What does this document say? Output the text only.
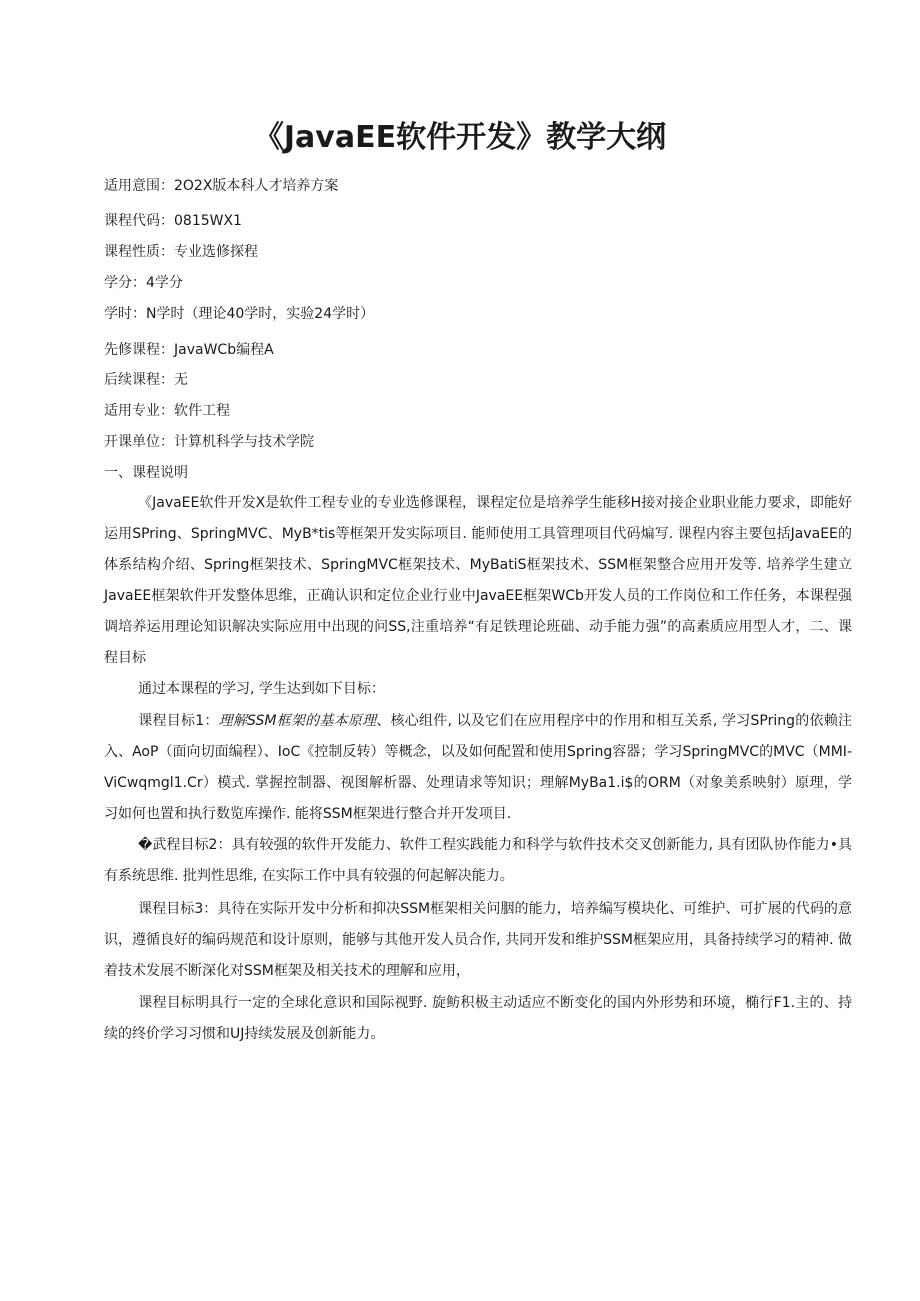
《JavaEE软件开发》教学大纲
适用意围：2O2X版本科人才培养方案
课程代码：0815WX1
课程性质：专业选修探程
学分：4学分
学时：N学时（理论40学时，实验24学时）
先修课程：JavaWCb编程A
后续课程：无
适用专业：软件工程
开课单位：计算机科学与技术学院
一、课程说明

《JavaEE软件开发X是软件工程专业的专业选修课程，课程定位是培养学生能移H接对接企业职业能力要求，即能好运用SPring、SpringMVC、MyB*tis等框架开发实际项目. 能师使用工具管理项目代码煸写. 课程内容主要包括JavaEE的体系结构介绍、Spring框架技术、SpringMVC框架技术、MyBatiS框架技术、SSM框架整合应用开发等. 培养学生建立JavaEE框架软件开发整体思维，正确认识和定位企业行业中JavaEE框架WCb开发人员的工作岗位和工作任务，本课程强调培养运用理论知识解决实际应用中出现的问SS,注重培养“有足铁理论班础、动手能力强”的高素质应用型人才，二、课程目标

通过本课程的学习, 学生达到如下目标：

课程目标1：理解SSM框架的基本原理、核心组件, 以及它们在应用程序中的作用和相互关系, 学习SPring的依赖注入、AoP（面向切面编程）、IoC《控制反转）等概念，以及如何配置和使用Spring容器；学习SpringMVC的MVC（MMI-ViCwqmgl1.Cr）模式. 掌握控制器、视图解析器、处理请求等知识；理解MyBa1.i$的ORM（对象美系映射）原理，学习如何也置和执行数览库操作. 能将SSM框架进行整合并开发项目.

�武程目标2：具有较强的软件开发能力、软件工程实践能力和科学与软件技术交叉创新能力, 具有团队协作能力•具有系统思维. 批判性思维, 在实际工作中具有较强的何起解决能力。

课程目标3：具待在实际开发中分析和抑决SSM框架相关问胭的能力，培养编写模块化、可维护、可扩展的代码的意识，遵循良好的编码规范和设计原则，能够与其他开发人员合作, 共同开发和维护SSM框架应用，具备持续学习的精神. 做着技术发展不断深化对SSM框架及相关技术的理解和应用，

课程目标明具行一定的全球化意识和国际视野. 旋鲂积极主动适应不断变化的国内外形势和环境，椭行F1.主的、持续的终价学习习惯和UJ持续发展及创新能力。
